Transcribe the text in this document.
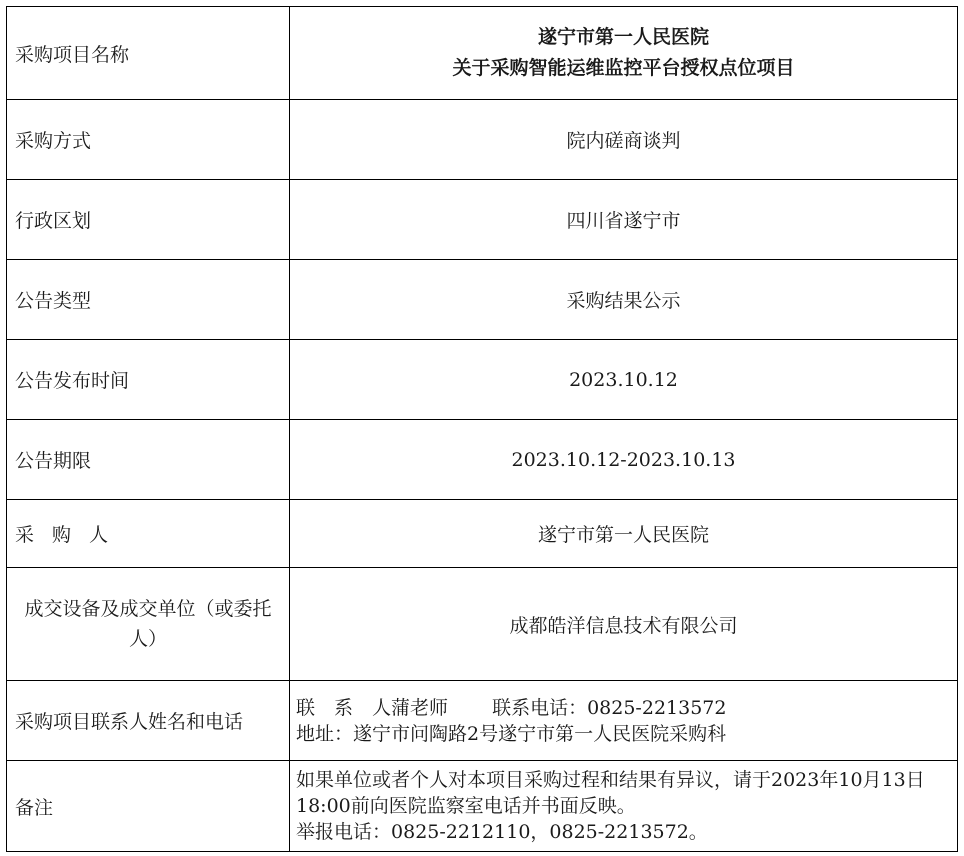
采购项目名称	遂宁市第一人民医院
关于采购智能运维监控平台授权点位项目

采购方式	院内磋商谈判
行政区划	四川省遂宁市
公告类型	采购结果公示
公告发布时间	2023.10.12
公告期限	2023.10.12-2023.10.13
采 购 人	遂宁市第一人民医院
成交设备及成交单位（或委托人）	成都皓洋信息技术有限公司
采购项目联系人姓名和电话	联  系  人蒲老师 联系电话：0825-2213572
地址：遂宁市问陶路2号遂宁市第一人民医院采购科

备注	如果单位或者个人对本项目采购过程和结果有异议，请于2023年10月13日18:00前向医院监察室电话并书面反映。
举报电话：0825-2212110，0825-2213572。
